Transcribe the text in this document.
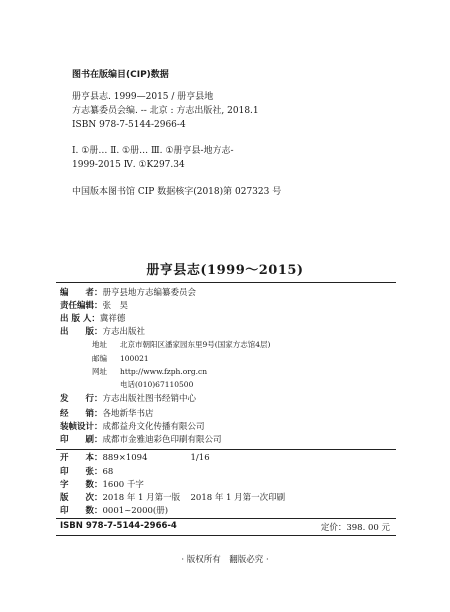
图书在版编目(CIP)数据
册亨县志. 1999—2015 / 册亨县地
方志纂委员会编. -- 北京 : 方志出版社, 2018.1
ISBN 978-7-5144-2966-4
Ⅰ. ①册… Ⅱ. ①册… Ⅲ. ①册亨县-地方志-
1999-2015 Ⅳ. ①K297.34
中国版本图书馆 CIP 数据核字(2018)第 027323 号
册亨县志(1999～2015)
编　　者： 册亨县地方志编纂委员会
责任编辑： 张　昊
出 版 人： 冀祥德
出　　版： 方志出版社
地址 北京市朝阳区潘家园东里9号(国家方志馆4层)
邮编 100021
网址 http://www.fzph.org.cn
电话(010)67110500
发　　行： 方志出版社图书经销中心
经　　销： 各地新华书店
装帧设计： 成都益舟文化传播有限公司
印　　刷： 成都市金雅迪彩色印刷有限公司
开　　本： 889×1094	1/16
印　　张： 68
字　　数： 1600 千字
版　　次： 2018 年 1 月第一版	2018 年 1 月第一次印刷
印　　数： 0001~2000(册)
ISBN 978-7-5144-2966-4	定价：398. 00 元
· 版权所有　翻版必究 ·
